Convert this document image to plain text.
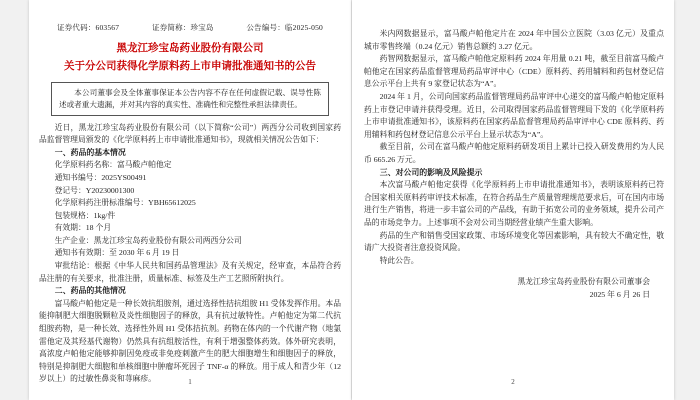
证券代码：603567	证券简称：珍宝岛	公告编号：临2025-050
黑龙江珍宝岛药业股份有限公司
关于分公司获得化学原料药上市申请批准通知书的公告
本公司董事会及全体董事保证本公告内容不存在任何虚假记载、误导性陈述或者重大遗漏，并对其内容的真实性、准确性和完整性承担法律责任。

近日，黑龙江珍宝岛药业股份有限公司（以下简称“公司”）两西分公司收到国家药品监督管理局颁发的《化学原料药上市申请批准通知书》，现就相关情况公告如下：

一、药品的基本情况

化学原料药名称：富马酸卢帕他定

通知书编号：2025YS00491

登记号：Y20230001300

化学原料药注册标准编号：YBH65612025

包装规格：1kg/件

有效期：18 个月

生产企业：黑龙江珍宝岛药业股份有限公司两西分公司

通知书有效期：至 2030 年 6 月 19 日

审批结论：根据《中华人民共和国药品管理法》及有关规定，经审查，本品符合药品注册的有关要求，批准注册，质量标准、标签及生产工艺照所附执行。

二、药品的其他情况

富马酸卢帕他定是一种长效抗组胺剂，通过选择性拮抗组胺 H1 受体发挥作用。本品能抑制肥大细胞脱颗粒及炎性细胞因子的释放，具有抗过敏特性。卢帕他定为第二代抗组胺药物，是一种长效、选择性外周 H1 受体拮抗剂。药物在体内的一个代谢产物（地氯雷他定及其羟基代谢物）仍然具有抗组胺活性，有利于增强整体药效。体外研究表明，高浓度卢帕他定能够抑制因免疫或非免疫刺激产生的肥大细胞增生和细胞因子的释放，特别是抑制肥大细胞和单核细胞中肿瘤坏死因子 TNF-α 的释放。用于成人和青少年（12 岁以上）的过敏性鼻炎和荨麻疹。	1

米内网数据显示，富马酸卢帕他定片在 2024 年中国公立医院（3.03 亿元）及重点城市零售终端（0.24 亿元）销售总额约 3.27 亿元。

药智网数据显示，富马酸卢帕他定原料药 2024 年用量 0.21 吨，截至目前富马酸卢帕他定在国家药品监督管理局药品审评中心（CDE）原料药、药用辅料和药包材登记信息公示平台上共有 9 家登记状态为“A”。

2024 年 1 月，公司向国家药品监督管理局药品审评中心递交的富马酸卢帕他定原料药上市登记申请并获得受理。近日，公司取得国家药品监督管理局下发的《化学原料药上市申请批准通知书》，该原料药在国家药品监督管理局药品审评中心 CDE 原料药、药用辅料和药包材登记信息公示平台上显示状态为“A”。

截至目前，公司在富马酸卢帕他定原料药研发项目上累计已投入研发费用约为人民币 665.26 万元。

三、对公司的影响及风险提示

本次富马酸卢帕他定获得《化学原料药上市申请批准通知书》，表明该原料药已符合国家相关原料药审评技术标准，在符合药品生产质量管理规范要求后，可在国内市场进行生产销售，将进一步丰富公司的产品线，有助于拓宽公司的业务领域，提升公司产品的市场竞争力。上述事项不会对公司当期经营业绩产生重大影响。

药品的生产和销售受国家政策、市场环境变化等因素影响，具有较大不确定性，敬请广大投资者注意投资风险。

特此公告。

黑龙江珍宝岛药业股份有限公司董事会
2025 年 6 月 26 日
2
